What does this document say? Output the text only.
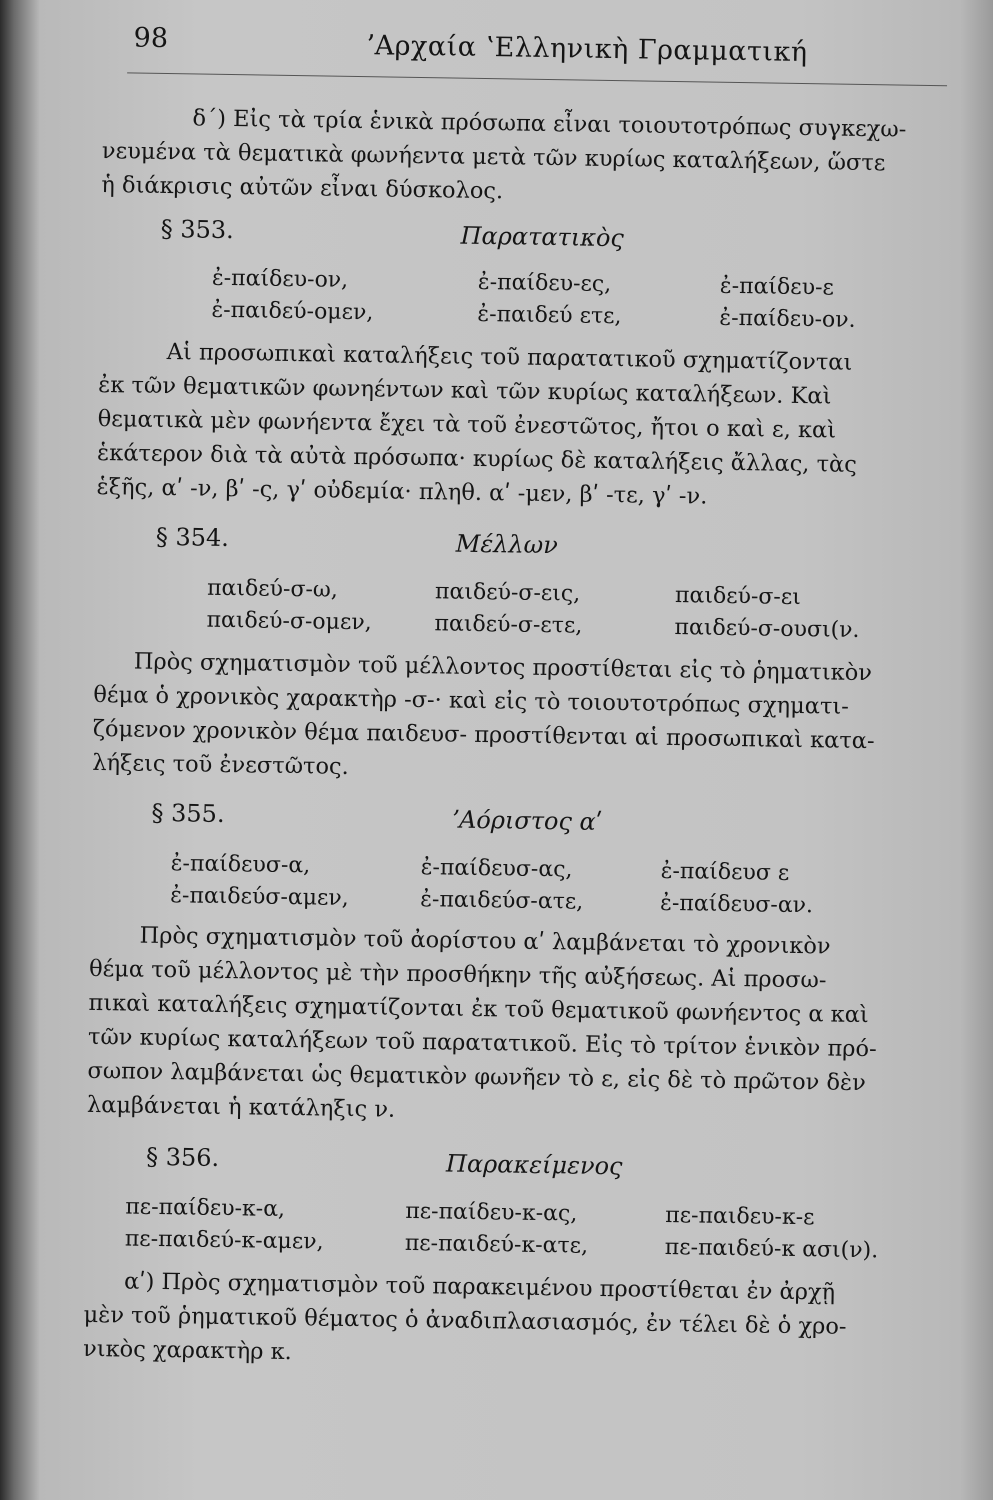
98	ʼΑρχαία ʽΕλληνικὴ Γραμματική
δ΄) Εἰς τὰ τρία ἑνικὰ πρόσωπα εἶναι τοιουτοτρόπως συγκεχω-
νευμένα τὰ θεματικὰ φωνήεντα μετὰ τῶν κυρίως καταλήξεων, ὥστε
ἡ διάκρισις αὐτῶν εἶναι δύσκολος.
§ 353.	Παρατατικὸς
ἐ-παίδευ-ον,	ἐ-παίδευ-ες,	ἐ-παίδευ-ε
ἐ-παιδεύ-ομεν,	ἐ-παιδεύ ετε,	ἐ-παίδευ-ον.
Αἱ προσωπικαὶ καταλήξεις τοῦ παρατατικοῦ σχηματίζονται
ἐκ τῶν θεματικῶν φωνηέντων καὶ τῶν κυρίως καταλήξεων. Καὶ
θεματικὰ μὲν φωνήεντα ἔχει τὰ τοῦ ἐνεστῶτος, ἤτοι ο καὶ ε, καὶ
ἑκάτερον διὰ τὰ αὐτὰ πρόσωπα· κυρίως δὲ καταλήξεις ἄλλας, τὰς
ἑξῆς, αʹ -ν, βʹ -ς, γʹ οὐδεμία· πληθ. αʹ -μεν, βʹ -τε, γʹ -ν.
§ 354.	Μέλλων
παιδεύ-σ-ω,	παιδεύ-σ-εις,	παιδεύ-σ-ει
παιδεύ-σ-ομεν,	παιδεύ-σ-ετε,	παιδεύ-σ-ουσι(ν.
Πρὸς σχηματισμὸν τοῦ μέλλοντος προστίθεται εἰς τὸ ῥηματικὸν
θέμα ὁ χρονικὸς χαρακτὴρ -σ-· καὶ εἰς τὸ τοιουτοτρόπως σχηματι-
ζόμενον χρονικὸν θέμα παιδευσ- προστίθενται αἱ προσωπικαὶ κατα-
λήξεις τοῦ ἐνεστῶτος.
§ 355.	ʼΑόριστος αʹ
ἐ-παίδευσ-α,	ἐ-παίδευσ-ας,	ἐ-παίδευσ ε
ἐ-παιδεύσ-αμεν,	ἐ-παιδεύσ-ατε,	ἐ-παίδευσ-αν.
Πρὸς σχηματισμὸν τοῦ ἀορίστου αʹ λαμβάνεται τὸ χρονικὸν
θέμα τοῦ μέλλοντος μὲ τὴν προσθήκην τῆς αὐξήσεως. Αἱ προσω-
πικαὶ καταλήξεις σχηματίζονται ἐκ τοῦ θεματικοῦ φωνήεντος α καὶ
τῶν κυρίως καταλήξεων τοῦ παρατατικοῦ. Εἰς τὸ τρίτον ἑνικὸν πρό-
σωπον λαμβάνεται ὡς θεματικὸν φωνῆεν τὸ ε, εἰς δὲ τὸ πρῶτον δὲν
λαμβάνεται ἡ κατάληξις ν.
§ 356.	Παρακείμενος
πε-παίδευ-κ-α,	πε-παίδευ-κ-ας,	πε-παιδευ-κ-ε
πε-παιδεύ-κ-αμεν,	πε-παιδεύ-κ-ατε,	πε-παιδεύ-κ ασι(ν).
αʹ) Πρὸς σχηματισμὸν τοῦ παρακειμένου προστίθεται ἐν ἀρχῇ
μὲν τοῦ ῥηματικοῦ θέματος ὁ ἀναδιπλασιασμός, ἐν τέλει δὲ ὁ χρο-
νικὸς χαρακτὴρ κ.
